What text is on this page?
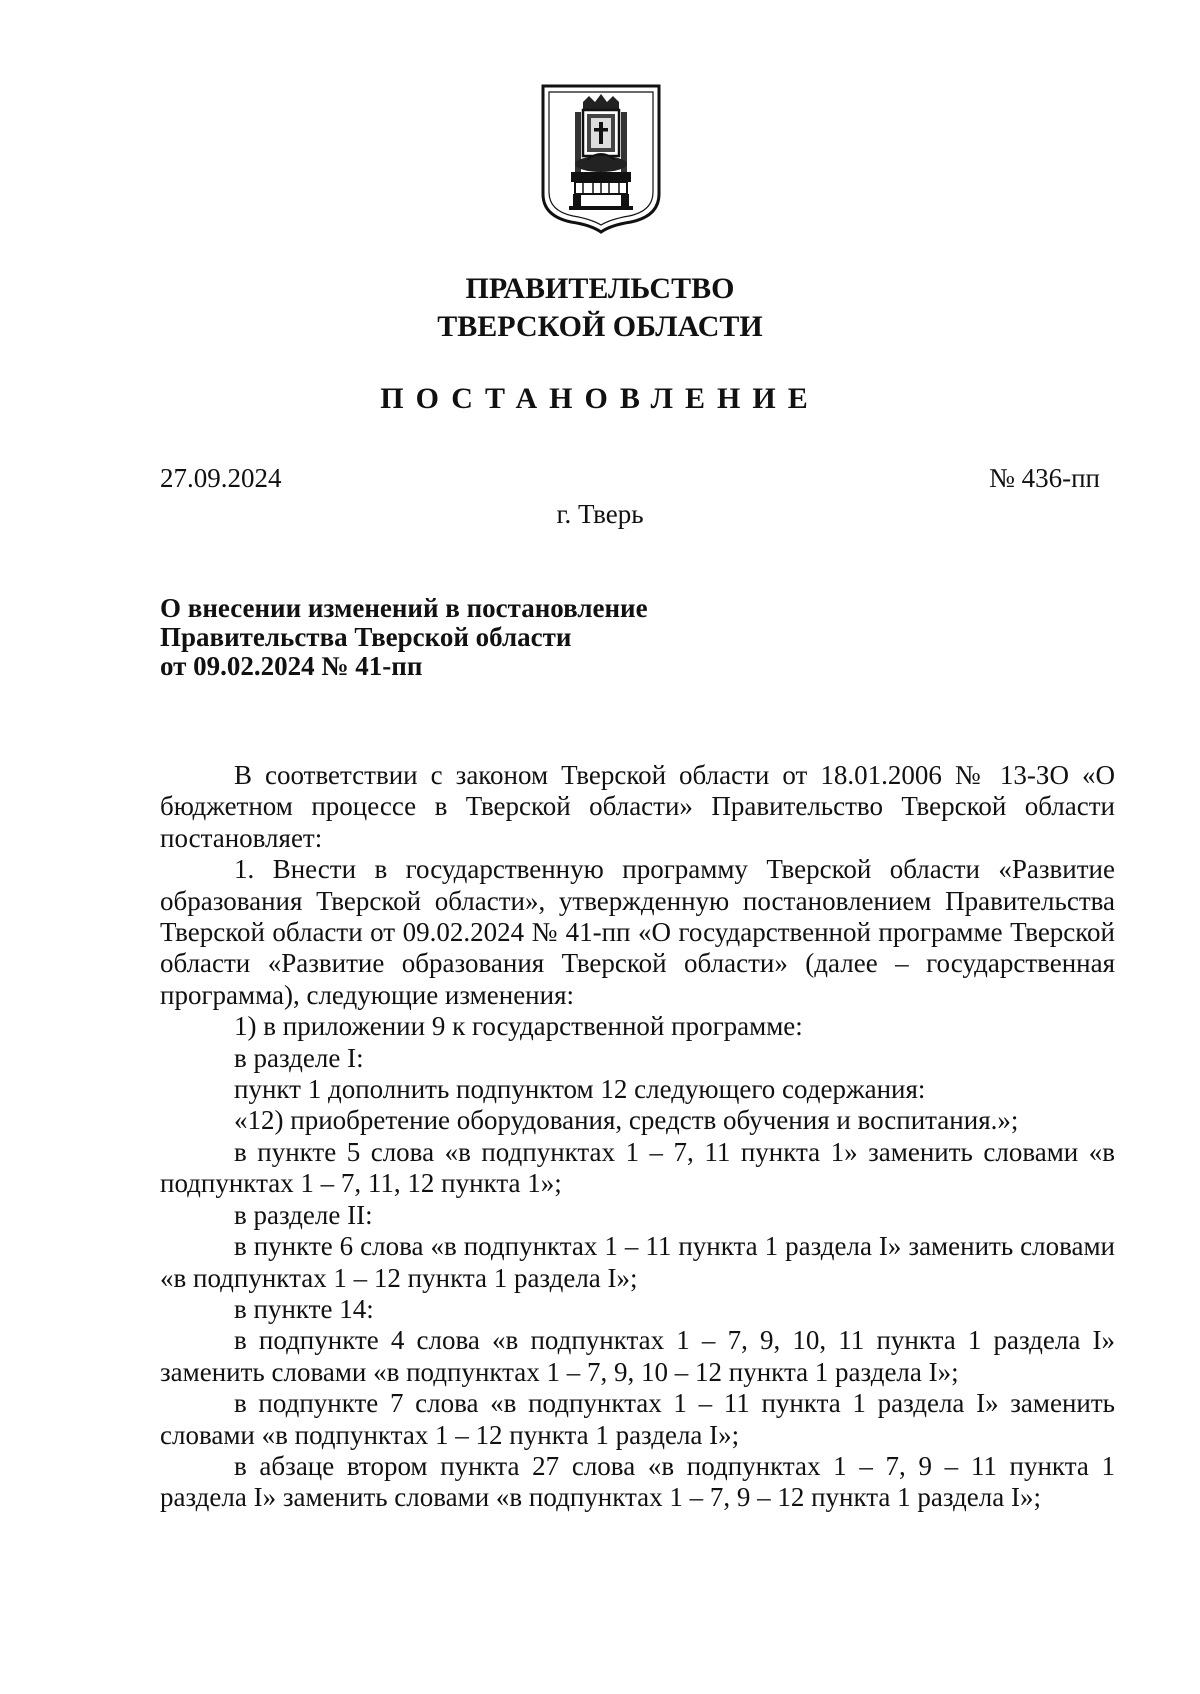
ПРАВИТЕЛЬСТВО
ТВЕРСКОЙ ОБЛАСТИ
ПОСТАНОВЛЕНИЕ
27.09.2024	№ 436-пп
г. Тверь
О внесении изменений в постановление
Правительства Тверской области
от 09.02.2024 № 41-пп

В соответствии с законом Тверской области от 18.01.2006 № 13-ЗО «О бюджетном процессе в Тверской области» Правительство Тверской области постановляет:

1. Внести в государственную программу Тверской области «Развитие образования Тверской области», утвержденную постановлением Правительства Тверской области от 09.02.2024 № 41-пп «О государственной программе Тверской области «Развитие образования Тверской области» (далее – государственная программа), следующие изменения:

1) в приложении 9 к государственной программе:

в разделе I:

пункт 1 дополнить подпунктом 12 следующего содержания:

«12) приобретение оборудования, средств обучения и воспитания.»;

в пункте 5 слова «в подпунктах 1 – 7, 11 пункта 1» заменить словами «в подпунктах 1 – 7, 11, 12 пункта 1»;

в разделе II:

в пункте 6 слова «в подпунктах 1 – 11 пункта 1 раздела I» заменить словами «в подпунктах 1 – 12 пункта 1 раздела I»;

в пункте 14:

в подпункте 4 слова «в подпунктах 1 – 7, 9, 10, 11 пункта 1 раздела I» заменить словами «в подпунктах 1 – 7, 9, 10 – 12 пункта 1 раздела I»;

в подпункте 7 слова «в подпунктах 1 – 11 пункта 1 раздела I» заменить словами «в подпунктах 1 – 12 пункта 1 раздела I»;

в абзаце втором пункта 27 слова «в подпунктах 1 – 7, 9 – 11 пункта 1 раздела I» заменить словами «в подпунктах 1 – 7, 9 – 12 пункта 1 раздела I»;
